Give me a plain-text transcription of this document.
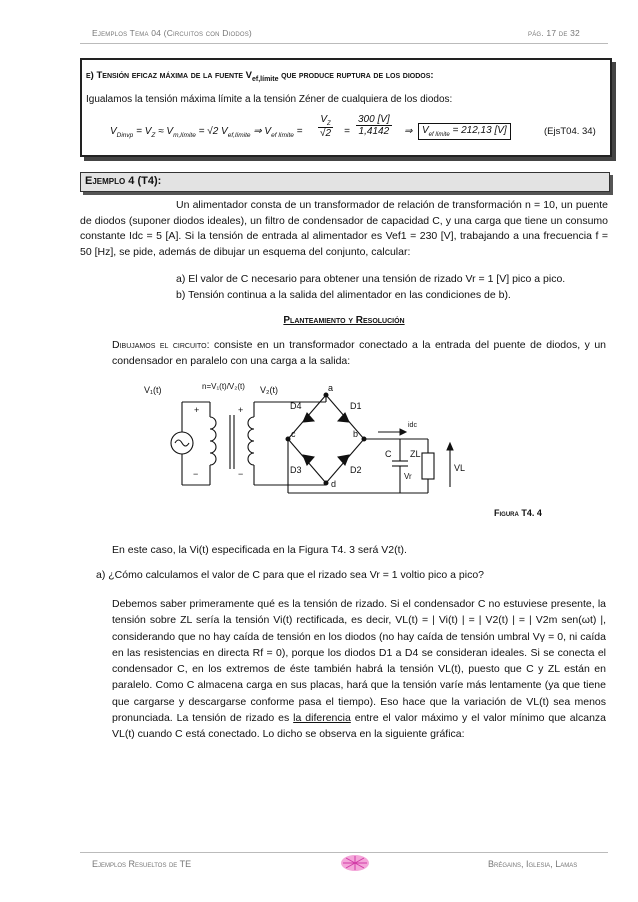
Ejemplos Tema 04 (Circuitos con Diodos)	pág. 17 de 32
e) Tensión eficaz máxima de la fuente $V_{ef,límite}$ que produce ruptura de los diodos:
Igualamos la tensión máxima límite a la tensión Zéner de cualquiera de los diodos:
$V_{Dinvp} = V_Z \approx V_{m,límite} = √2$ $V_{ef,límite}$ ⇒ $V_{ef límite} = \frac{V_Z}{√2} = \frac{300 [V]}{1,4142}$ ⇒ $V_{ef límite} = 212,13$ [V]	(EjsT04. 34)
Ejemplo 4 (T4):
Un alimentador consta de un transformador de relación de transformación n = 10, un puente de diodos (suponer diodos ideales), un filtro de condensador de capacidad C, y una carga que tiene un consumo constante Idc = 5 [A]. Si la tensión de entrada al alimentador es Vef1 = 230 [V], trabajando a una frecuencia f = 50 [Hz], se pide, además de dibujar un esquema del conjunto, calcular:
a) El valor de C necesario para obtener una tensión de rizado Vr = 1 [V] pico a pico.
b) Tensión continua a la salida del alimentador en las condiciones de b).
Planteamiento y Resolución
Dibujamos el circuito: consiste en un transformador conectado a la entrada del puente de diodos, y un condensador en paralelo con una carga a la salida:
V₁(t)	V₂(t)
n=V₁(t)/V₂(t)	a
b
c
d
D4	D1
D3	D2
C ZL
VL
Vr
idc
+	+
−	−
Figura T4. 4
En este caso, la Vi(t) especificada en la Figura T4. 3 será V2(t).
a) ¿Cómo calculamos el valor de C para que el rizado sea Vr = 1 voltio pico a pico?
Debemos saber primeramente qué es la tensión de rizado. Si el condensador C no estuviese presente, la tensión sobre ZL sería la tensión Vi(t) rectificada, es decir, VL(t) = | Vi(t) | = | V2(t) | = | V2m sen(ωt) |, considerando que no hay caída de tensión en los diodos (no hay caída de tensión umbral Vγ = 0, ni caída en las resistencias en directa Rf = 0), porque los diodos D1 a D4 se consideran ideales. Si se conecta el condensador C, en los extremos de éste también habrá la tensión VL(t), puesto que C y ZL están en paralelo. Como C almacena carga en sus placas, hará que la tensión varíe más lentamente (ya que tiene que cargarse y descargarse conforme pasa el tiempo). Eso hace que la variación de VL(t) sea menos pronunciada. La tensión de rizado es la diferencia entre el valor máximo y el valor mínimo que alcanza VL(t) cuando C está conectado. Lo dicho se observa en la siguiente gráfica:
Ejemplos Resueltos de TE	Brégains, Iglesia, Lamas
